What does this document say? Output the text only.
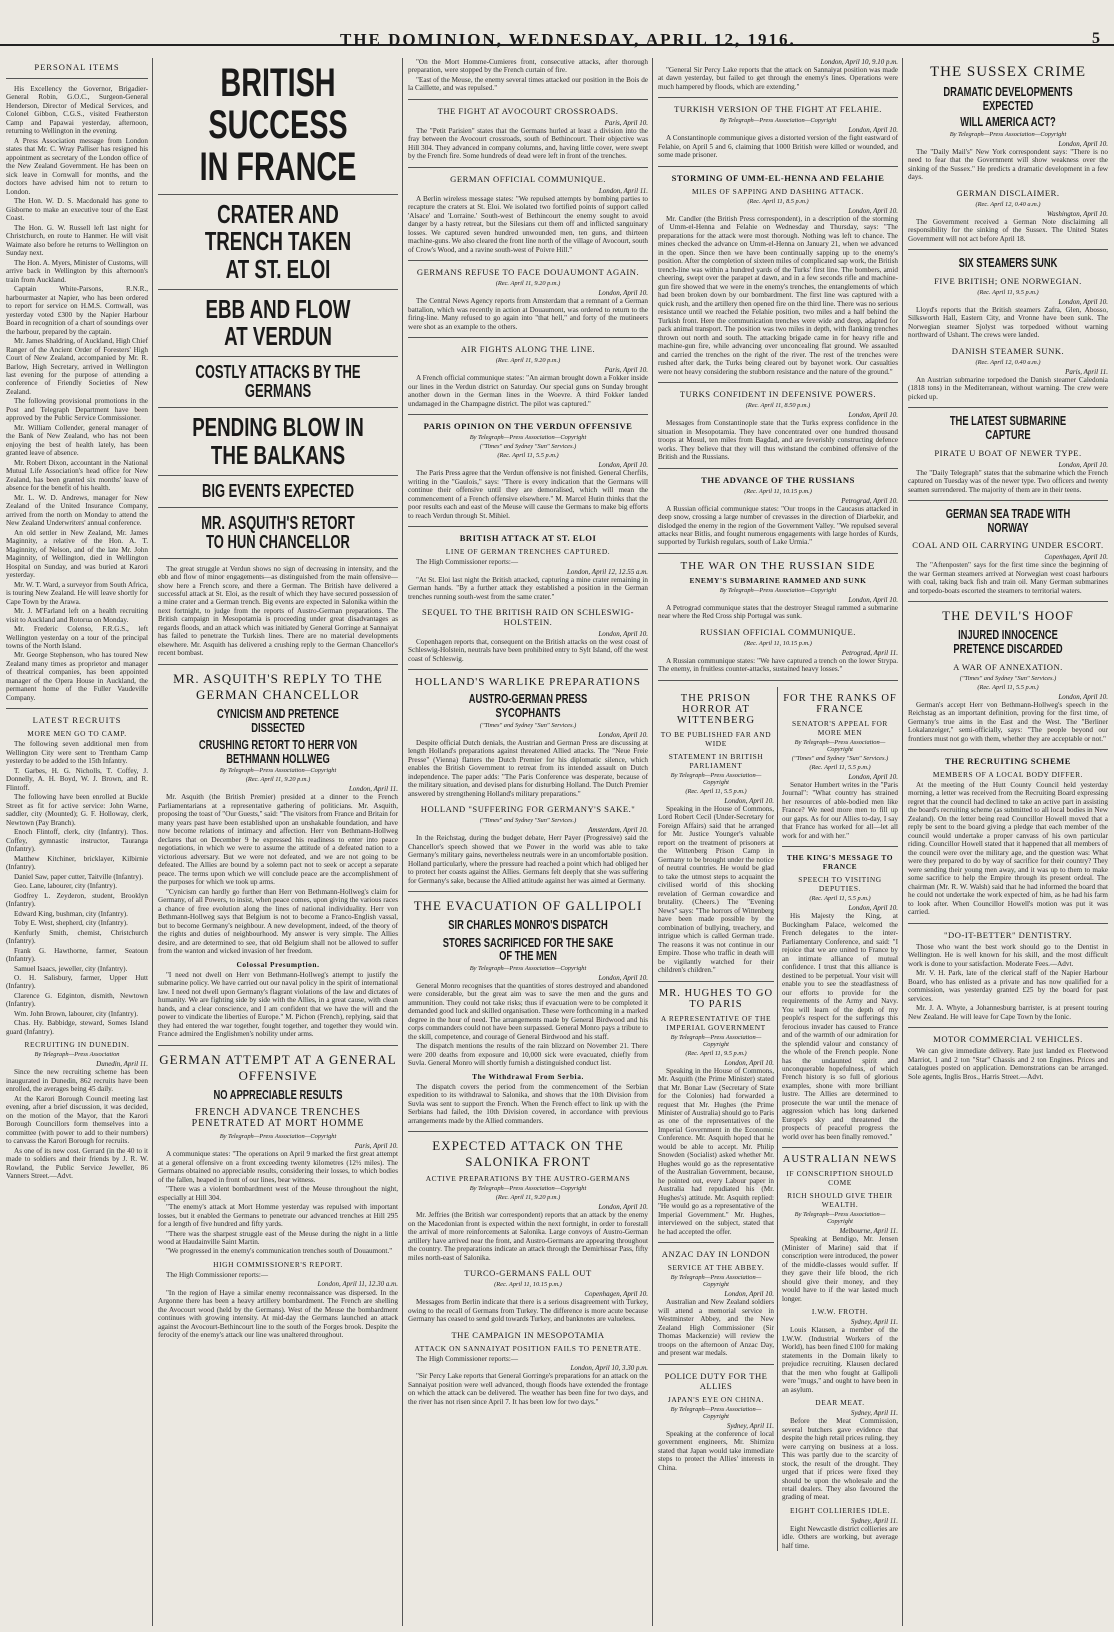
THE DOMINION, WEDNESDAY, APRIL 12, 1916.	5
PERSONAL ITEMS

His Excellency the Governor, Brigadier-General Robin, G.O.C., Surgeon-General Henderson, Director of Medical Services, and Colonel Gibbon, C.G.S., visited Featherston Camp and Papawai yesterday, afternoon, returning to Wellington in the evening.

A Press Association message from London states that Mr. C. Wray Palliser has resigned his appointment as secretary of the London office of the New Zealand Government. He has been on sick leave in Cornwall for months, and the doctors have advised him not to return to London.

The Hon. W. D. S. Macdonald has gone to Gisborne to make an executive tour of the East Coast.

The Hon. G. W. Russell left last night for Christchurch, en route to Hanmer. He will visit Waimate also before he returns to Wellington on Sunday next.

The Hon. A. Myers, Minister of Customs, will arrive back in Wellington by this afternoon's train from Auckland.

Captain White-Parsons, R.N.R., harbourmaster at Napier, who has been ordered to report for service on H.M.S. Cornwall, was yesterday voted £300 by the Napier Harbour Board in recognition of a chart of soundings over the harbour, prepared by the captain.

Mr. James Shaldring, of Auckland, High Chief Ranger of the Ancient Order of Foresters' High Court of New Zealand, accompanied by Mr. R. Barlow, High Secretary, arrived in Wellington last evening for the purpose of attending a conference of Friendly Societies of New Zealand.

The following provisional promotions in the Post and Telegraph Department have been approved by the Public Service Commissioner.

Mr. William Collender, general manager of the Bank of New Zealand, who has not been enjoying the best of health lately, has been granted leave of absence.

Mr. Robert Dixon, accountant in the National Mutual Life Association's head office for New Zealand, has been granted six months' leave of absence for the benefit of his health.

Mr. L. W. D. Andrews, manager for New Zealand of the United Insurance Company, arrived from the north on Monday to attend the New Zealand Underwriters' annual conference.

An old settler in New Zealand, Mr. James Maginnity, a relative of the Hon. A. T. Maginnity, of Nelson, and of the late Mr. John Maginnity, of Wellington, died in Wellington Hospital on Sunday, and was buried at Karori yesterday.

Mr. W. T. Ward, a surveyor from South Africa, is touring New Zealand. He will leave shortly for Cape Town by the Arawa.

Mr. J. M'Farland left on a health recruiting visit to Auckland and Rotorua on Monday.

Mr. Frederic Colenso, F.R.G.S., left Wellington yesterday on a tour of the principal towns of the North Island.

Mr. George Stephenson, who has toured New Zealand many times as proprietor and manager of theatrical companies, has been appointed manager of the Opera House in Auckland, the permanent home of the Fuller Vaudeville Company.

LATEST RECRUITS
MORE MEN GO TO CAMP.

The following seven additional men from Wellington City were sent to Trentham Camp yesterday to be added to the 15th Infantry.

T. Garbes, H. G. Nicholls, T. Coffey, J. Donnelly, A. H. Boyd, W. J. Brown, and R. Flintoff.

The following have been enrolled at Buckle Street as fit for active service: John Warne, saddler, city (Mounted); G. F. Holloway, clerk, Newtown (Pay Branch).

Enoch Flintoff, clerk, city (Infantry). Thos. Coffey, gymnastic instructor, Tauranga (Infantry).

Matthew Kitchiner, bricklayer, Kilbirnie (Infantry).

Daniel Saw, paper cutter, Taitville (Infantry).

Geo. Lane, labourer, city (Infantry).

Godfrey L. Zeyderon, student, Brooklyn (Infantry).

Edward King, bushman, city (Infantry).

Toby E. West, shepherd, city (Infantry).

Kenfurly Smith, chemist, Christchurch (Infantry).

Frank G. Hawthorne, farmer, Seatoun (Infantry).

Samuel Isaacs, jeweller, city (Infantry).

O. H. Salisbury, farmer, Upper Hutt (Infantry).

Clarence G. Edginton, dismith, Newtown (Infantry).

Wm. John Brown, labourer, city (Infantry).

Chas. Hy. Babbidge, steward, Somes Island guard (Infantry).

RECRUITING IN DUNEDIN.
By Telegraph—Press Association
Dunedin, April 11.

Since the new recruiting scheme has been inaugurated in Dunedin, 862 recruits have been enrolled, the averages being 45 daily.

At the Karori Borough Council meeting last evening, after a brief discussion, it was decided, on the motion of the Mayor, that the Karori Borough Councillors form themselves into a committee (with power to add to their numbers) to canvass the Karori Borough for recruits.

As one of its new cost. Gerrard (in the 40 to it made to soldiers and their friends by J. R. W. Rowland, the Public Service Jeweller, 86 Vanners Street.—Advt.

BRITISH SUCCESS IN FRANCE
CRATER AND TRENCH TAKEN AT ST. ELOI
EBB AND FLOW AT VERDUN
COSTLY ATTACKS BY THE GERMANS
PENDING BLOW IN THE BALKANS
BIG EVENTS EXPECTED
MR. ASQUITH'S RETORT TO HUN CHANCELLOR

The great struggle at Verdun shows no sign of decreasing in intensity, and the ebb and flow of minor engagements—as distinguished from the main offensive—show here a French score, and there a German. The British have delivered a successful attack at St. Eloi, as the result of which they have secured possession of a mine crater and a German trench. Big events are expected in Salonika within the next fortnight, to judge from the reports of Austro-German preparations. The British campaign in Mesopotamia is proceeding under great disadvantages as regards floods, and an attack which was initiated by General Gorringe at Sannaiyat has failed to penetrate the Turkish lines. There are no material developments elsewhere. Mr. Asquith has delivered a crushing reply to the German Chancellor's recent bombast.

MR. ASQUITH'S REPLY TO THE GERMAN CHANCELLOR
CYNICISM AND PRETENCE DISSECTED
CRUSHING RETORT TO HERR VON BETHMANN HOLLWEG
By Telegraph—Press Association—Copyright
(Rec. April 11, 9.20 p.m.)
London, April 11.

Mr. Asquith (the British Premier) presided at a dinner to the French Parliamentarians at a representative gathering of politicians. Mr. Asquith, proposing the toast of "Our Guests," said: "The visitors from France and Britain for many years past have been established upon an unshakable foundation, and have now become relations of intimacy and affection. Herr von Bethmann-Hollweg declares that on December 9 he expressed his readiness to enter into peace negotiations, in which we were to assume the attitude of a defeated nation to a victorious adversary. But we were not defeated, and we are not going to be defeated. The Allies are bound by a solemn pact not to seek or accept a separate peace. The terms upon which we will conclude peace are the accomplishment of the purposes for which we took up arms.

"Cynicism can hardly go further than Herr von Bethmann-Hollweg's claim for Germany, of all Powers, to insist, when peace comes, upon giving the various races a chance of free evolution along the lines of national individuality. Herr von Bethmann-Hollweg says that Belgium is not to become a Franco-English vassal, but to become Germany's neighbour. A new development, indeed, of the theory of the rights and duties of neighbourhood. My answer is very simple. The Allies desire, and are determined to see, that old Belgium shall not be allowed to suffer from the wanton and wicked invasion of her freedom.

Colossal Presumption.

"I need not dwell on Herr von Bethmann-Hollweg's attempt to justify the submarine policy. We have carried out our naval policy in the spirit of international law. I need not dwell upon Germany's flagrant violations of the law and dictates of humanity. We are fighting side by side with the Allies, in a great cause, with clean hands, and a clear conscience, and I am confident that we have the will and the power to vindicate the liberties of Europe." M. Pichon (French), replying, said that they had entered the war together, fought together, and together they would win. France admired the Englishmen's nobility under arms.

GERMAN ATTEMPT AT A GENERAL OFFENSIVE
NO APPRECIABLE RESULTS
FRENCH ADVANCE TRENCHES PENETRATED AT MORT HOMME
By Telegraph—Press Association—Copyright
Paris, April 10.

A communique states: "The operations on April 9 marked the first great attempt at a general offensive on a front exceeding twenty kilometres (12½ miles). The Germans obtained no appreciable results, considering their losses, to which bodies of the fallen, heaped in front of our lines, bear witness.

"There was a violent bombardment west of the Meuse throughout the night, especially at Hill 304.

"The enemy's attack at Mort Homme yesterday was repulsed with important losses, but it enabled the Germans to penetrate our advanced trenches at Hill 295 for a length of five hundred and fifty yards.

"There was the sharpest struggle east of the Meuse during the night in a little wood at Haudainville Saint Martin.

"We progressed in the enemy's communication trenches south of Douaumont."

HIGH COMMISSIONER'S REPORT.

The High Commissioner reports:—

London, April 11, 12.30 a.m.

"In the region of Haye a similar enemy reconnaissance was dispersed. In the Argonne there has been a heavy artillery bombardment. The French are shelling the Avocourt wood (held by the Germans). West of the Meuse the bombardment continues with growing intensity. At mid-day the Germans launched an attack against the Avocourt-Bethincourt line to the south of the Forges brook. Despite the ferocity of the enemy's attack our line was unaltered throughout.

"On the Mort Homme-Cumieres front, consecutive attacks, after thorough preparation, were stopped by the French curtain of fire.

"East of the Meuse, the enemy several times attacked our position in the Bois de la Caillette, and was repulsed."

THE FIGHT AT AVOCOURT CROSSROADS.
Paris, April 10.

The "Petit Parisien" states that the Germans hurled at least a division into the fray between the Avocourt crossroads, south of Bethincourt. Their objective was Hill 304. They advanced in company columns, and, having little cover, were swept by the French fire. Some hundreds of dead were left in front of the trenches.

GERMAN OFFICIAL COMMUNIQUE.
London, April 11.

A Berlin wireless message states: "We repulsed attempts by bombing parties to recapture the craters at St. Eloi. We isolated two fortified points of support called 'Alsace' and 'Lorraine.' South-west of Bethincourt the enemy sought to avoid danger by a hasty retreat, but the Silesians cut them off and inflicted sanguinary losses. We captured seven hundred unwounded men, ten guns, and thirteen machine-guns. We also cleared the front line north of the village of Avocourt, south of Crow's Wood, and a ravine south-west of Poivre Hill."

GERMANS REFUSE TO FACE DOUAUMONT AGAIN.
(Rec. April 11, 9.20 p.m.)
London, April 10.

The Central News Agency reports from Amsterdam that a remnant of a German battalion, which was recently in action at Douaumont, was ordered to return to the firing-line. Many refused to go again into "that hell," and forty of the mutineers were shot as an example to the others.

AIR FIGHTS ALONG THE LINE.
(Rec. April 11, 9.20 p.m.)
Paris, April 10.

A French official communique states: "An airman brought down a Fokker inside our lines in the Verdun district on Saturday. Our special guns on Sunday brought another down in the German lines in the Woevre. A third Fokker landed undamaged in the Champagne district. The pilot was captured."

PARIS OPINION ON THE VERDUN OFFENSIVE
By Telegraph—Press Association—Copyright
("Times" and Sydney "Sun" Services.)
(Rec. April 11, 5.5 p.m.)
London, April 10.

The Paris Press agree that the Verdun offensive is not finished. General Cherfils, writing in the "Gaulois," says: "There is every indication that the Germans will continue their offensive until they are demoralised, which will mean the commencement of a French offensive elsewhere." M. Marcel Hutin thinks that the poor results each and east of the Meuse will cause the Germans to make big efforts to reach Verdun through St. Mihiel.

BRITISH ATTACK AT ST. ELOI
LINE OF GERMAN TRENCHES CAPTURED.

The High Commissioner reports:—

London, April 12, 12.55 a.m.

"At St. Eloi last night the British attacked, capturing a mine crater remaining in German hands. "By a further attack they established a position in the German trenches running south-west from the same crater."

SEQUEL TO THE BRITISH RAID ON SCHLESWIG-HOLSTEIN.
London, April 10.

Copenhagen reports that, consequent on the British attacks on the west coast of Schleswig-Holstein, neutrals have been prohibited entry to Sylt Island, off the west coast of Schleswig.

HOLLAND'S WARLIKE PREPARATIONS
AUSTRO-GERMAN PRESS SYCOPHANTS
("Times" and Sydney "Sun" Services.)
London, April 10.

Despite official Dutch denials, the Austrian and German Press are discussing at length Holland's preparations against threatened Allied attacks. The "Neue Freie Presse" (Vienna) flatters the Dutch Premier for his diplomatic silence, which enables the British Government to retreat from its intended assault on Dutch independence. The paper adds: "The Paris Conference was desperate, because of the military situation, and devised plans for disturbing Holland. The Dutch Premier answered by strengthening Holland's military preparations."

HOLLAND "SUFFERING FOR GERMANY'S SAKE."
("Times" and Sydney "Sun" Services.)
Amsterdam, April 10.

In the Reichstag, during the budget debate, Herr Payer (Progressive) said the Chancellor's speech showed that we Power in the world was able to take Germany's military gains, nevertheless neutrals were in an uncomfortable position. Holland particularly, where the pressure had reached a point which had obliged her to protect her coasts against the Allies. Germans felt deeply that she was suffering for Germany's sake, because the Allied attitude against her was aimed at Germany.

THE EVACUATION OF GALLIPOLI
SIR CHARLES MONRO'S DISPATCH
STORES SACRIFICED FOR THE SAKE OF THE MEN
By Telegraph—Press Association—Copyright
London, April 10.

General Monro recognises that the quantities of stores destroyed and abandoned were considerable, but the great aim was to save the men and the guns and ammunition. They could not take risks; thus if evacuation were to be completed it demanded good luck and skilled organisation. These were forthcoming in a marked degree in the hour of need. The arrangements made by General Birdwood and his corps commanders could not have been surpassed. General Monro pays a tribute to the skill, competence, and courage of General Birdwood and his staff.

The dispatch mentions the results of the rain blizzard on November 21. There were 200 deaths from exposure and 10,000 sick were evacuated, chiefly from Suvla. General Monro will shortly furnish a distinguished conduct list.

The Withdrawal From Serbia.

The dispatch covers the period from the commencement of the Serbian expedition to its withdrawal to Salonika, and shows that the 10th Division from Suvla was sent to support the French. When the French effect to link up with the Serbians had failed, the 10th Division covered, in accordance with previous arrangements made by the Allied commanders.

EXPECTED ATTACK ON THE SALONIKA FRONT
ACTIVE PREPARATIONS BY THE AUSTRO-GERMANS
By Telegraph—Press Association—Copyright
(Rec. April 11, 9.20 p.m.)
London, April 10.

Mr. Jeffries (the British war correspondent) reports that an attack by the enemy on the Macedonian front is expected within the next fortnight, in order to forestall the arrival of more reinforcements at Salonika. Large convoys of Austro-German artillery have arrived near the front, and Austro-Germans are appearing throughout the country. The preparations indicate an attack through the Demirhissar Pass, fifty miles north-east of Salonika.

TURCO-GERMANS FALL OUT
(Rec. April 11, 10.15 p.m.)
Copenhagen, April 10.

Messages from Berlin indicate that there is a serious disagreement with Turkey, owing to the recall of Germans from Turkey. The difference is more acute because Germany has ceased to send gold towards Turkey, and banknotes are valueless.

THE CAMPAIGN IN MESOPOTAMIA
ATTACK ON SANNAIYAT POSITION FAILS TO PENETRATE.

The High Commissioner reports:—

London, April 10, 3.30 p.m.

"Sir Percy Lake reports that General Gorringe's preparations for an attack on the Sannaiyat position were well advanced, though floods have extended the frontage on which the attack can be delivered. The weather has been fine for two days, and the river has not risen since April 7. It has been low for two days."

London, April 10, 9.10 p.m.

"General Sir Percy Lake reports that the attack on Sannaiyat position was made at dawn yesterday, but failed to get through the enemy's lines. Operations were much hampered by floods, which are extending."

TURKISH VERSION OF THE FIGHT AT FELAHIE.
By Telegraph—Press Association—Copyright
London, April 10.

A Constantinople communique gives a distorted version of the fight eastward of Felahie, on April 5 and 6, claiming that 1000 British were killed or wounded, and some made prisoner.

STORMING OF UMM-EL-HENNA AND FELAHIE
MILES OF SAPPING AND DASHING ATTACK.
(Rec. April 11, 8.5 p.m.)
London, April 10.

Mr. Candler (the British Press correspondent), in a description of the storming of Umm-el-Henna and Felahie on Wednesday and Thursday, says: "The preparations for the attack were most thorough. Nothing was left to chance. The mines checked the advance on Umm-el-Henna on January 21, when we advanced in the open. Since then we have been continually sapping up to the enemy's position. After the completion of sixteen miles of complicated sap work, the British trench-line was within a hundred yards of the Turks' first line. The bombers, amid cheering, swept over the parapet at dawn, and in a few seconds rifle and machine-gun fire showed that we were in the enemy's trenches, the entanglements of which had been broken down by our bombardment. The first line was captured with a quick rush, and the artillery then opened fire on the third line. There was no serious resistance until we reached the Felahie position, two miles and a half behind the Turkish front. Here the communication trenches were wide and deep, adapted for pack animal transport. The position was two miles in depth, with flanking trenches thrown out north and south. The attacking brigade came in for heavy rifle and machine-gun fire, while advancing over unconcealing flat ground. We assaulted and carried the trenches on the right of the river. The rest of the trenches were rushed after dark, the Turks being cleared out by bayonet work. Our casualties were not heavy considering the stubborn resistance and the nature of the ground."

TURKS CONFIDENT IN DEFENSIVE POWERS.
(Rec. April 11, 8.50 p.m.)
London, April 10.

Messages from Constantinople state that the Turks express confidence in the situation in Mesopotamia. They have concentrated over one hundred thousand troops at Mosul, ten miles from Bagdad, and are feverishly constructing defence works. They believe that they will thus withstand the combined offensive of the British and the Russians.

THE ADVANCE OF THE RUSSIANS
(Rec. April 11, 10.15 p.m.)
Petrograd, April 10.

A Russian official communique states: "Our troops in the Caucasus attacked in deep snow, crossing a large number of crevasses in the direction of Diarbekir, and dislodged the enemy in the region of the Government Valley. "We repulsed several attacks near Bitlis, and fought numerous engagements with large hordes of Kurds, supported by Turkish regulars, south of Lake Urmia."

THE WAR ON THE RUSSIAN SIDE
ENEMY'S SUBMARINE RAMMED AND SUNK
By Telegraph—Press Association—Copyright
London, April 10.

A Petrograd communique states that the destroyer Steagul rammed a submarine near where the Red Cross ship Portugal was sunk.

RUSSIAN OFFICIAL COMMUNIQUE.
(Rec. April 11, 10.15 p.m.)
Petrograd, April 11.

A Russian communique states: "We have captured a trench on the lower Strypa. The enemy, in fruitless counter-attacks, sustained heavy losses."

THE PRISON HORROR AT WITTENBERG
TO BE PUBLISHED FAR AND WIDE
STATEMENT IN BRITISH PARLIAMENT
By Telegraph—Press Association—Copyright
(Rec. April 11, 5.5 p.m.)
London, April 10.

Speaking in the House of Commons, Lord Robert Cecil (Under-Secretary for Foreign Affairs) said that he arranged for Mr. Justice Younger's valuable report on the treatment of prisoners at the Wittenberg Prison Camp in Germany to be brought under the notice of neutral countries. He would be glad to take the utmost steps to acquaint the civilised world of this shocking revelation of German cowardice and brutality. (Cheers.) The "Evening News" says: "The horrors of Wittenberg have been made possible by the combination of bullying, treachery, and intrigue which is called German trade. The reasons it was not continue in our Empire. Those who traffic in death will be vigilantly watched for their children's children."

MR. HUGHES TO GO TO PARIS
A REPRESENTATIVE OF THE IMPERIAL GOVERNMENT
By Telegraph—Press Association—Copyright
(Rec. April 11, 9.5 p.m.)
London, April 10.

Speaking in the House of Commons, Mr. Asquith (the Prime Minister) stated that Mr. Bonar Law (Secretary of State for the Colonies) had forwarded a request that Mr. Hughes (the Prime Minister of Australia) should go to Paris as one of the representatives of the Imperial Government in the Economic Conference. Mr. Asquith hoped that he would be able to accept. Mr. Philip Snowden (Socialist) asked whether Mr. Hughes would go as the representative of the Australian Government, because, he pointed out, every Labour paper in Australia had repudiated his (Mr. Hughes's) attitude. Mr. Asquith replied: "He would go as a representative of the Imperial Government." Mr. Hughes, interviewed on the subject, stated that he had accepted the offer.

ANZAC DAY IN LONDON
SERVICE AT THE ABBEY.
By Telegraph—Press Association—Copyright
London, April 10.

Australian and New Zealand soldiers will attend a memorial service in Westminster Abbey, and the New Zealand High Commissioner (Sir Thomas Mackenzie) will review the troops on the afternoon of Anzac Day, and present war medals.

POLICE DUTY FOR THE ALLIES
JAPAN'S EYE ON CHINA.
By Telegraph—Press Association—Copyright
Sydney, April 11.

Speaking at the conference of local government engineers, Mr. Shimizu stated that Japan would take immediate steps to protect the Allies' interests in China.

FOR THE RANKS OF FRANCE
SENATOR'S APPEAL FOR MORE MEN
By Telegraph—Press Association—Copyright
("Times" and Sydney "Sun" Services.)
(Rec. April 11, 5.5 p.m.)
London, April 10.

Senator Humbert writes in the "Paris Journal": "What country has strained her resources of able-bodied men like France? We need more men to fill up our gaps. As for our Allies to-day, I say that France has worked for all—let all work for and with her."

THE KING'S MESSAGE TO FRANCE
SPEECH TO VISITING DEPUTIES.
(Rec. April 11, 5.5 p.m.)
London, April 10.

His Majesty the King, at Buckingham Palace, welcomed the French delegates to the inter-Parliamentary Conference, and said: "I rejoice that we are united to France by an intimate alliance of mutual confidence. I trust that this alliance is destined to be perpetual. Your visit will enable you to see the steadfastness of our efforts to provide for the requirements of the Army and Navy. You will learn of the depth of my people's respect for the sufferings this ferocious invader has caused to France and of the warmth of our admiration for the splendid valour and constancy of the whole of the French people. None has the undaunted spirit and unconquerable hopefulness, of which French history is so full of glorious examples, shone with more brilliant lustre. The Allies are determined to prosecute the war until the menace of aggression which has long darkened Europe's sky and threatened the prospects of peaceful progress the world over has been finally removed."

AUSTRALIAN NEWS
IF CONSCRIPTION SHOULD COME
RICH SHOULD GIVE THEIR WEALTH.
By Telegraph—Press Association—Copyright
Melbourne, April 11.

Speaking at Bendigo, Mr. Jensen (Minister of Marine) said that if conscription were introduced, the power of the middle-classes would suffer. If they gave their life blood, the rich should give their money, and they would have to if the war lasted much longer.

I.W.W. FROTH.
Sydney, April 11.

Louis Klausen, a member of the I.W.W. (Industrial Workers of the World), has been fined £100 for making statements in the Domain likely to prejudice recruiting. Klausen declared that the men who fought at Gallipoli were "mugs," and ought to have been in an asylum.

DEAR MEAT.
Sydney, April 11.

Before the Meat Commission, several butchers gave evidence that despite the high retail prices ruling, they were carrying on business at a loss. This was partly due to the scarcity of stock, the result of the drought. They urged that if prices were fixed they should be upon the wholesale and the retail dealers. They also favoured the grading of meat.

EIGHT COLLIERIES IDLE.
Sydney, April 11.

Eight Newcastle district collieries are idle. Others are working, but average half time.

THE SUSSEX CRIME
DRAMATIC DEVELOPMENTS EXPECTED
WILL AMERICA ACT?
By Telegraph—Press Association—Copyright
London, April 10.

The "Daily Mail's" New York correspondent says: "There is no need to fear that the Government will show weakness over the sinking of the Sussex." He predicts a dramatic development in a few days.

GERMAN DISCLAIMER.
(Rec. April 12, 0.40 a.m.)
Washington, April 10.

The Government received a German Note disclaiming all responsibility for the sinking of the Sussex. The United States Government will not act before April 18.

SIX STEAMERS SUNK
FIVE BRITISH; ONE NORWEGIAN.
(Rec. April 11, 9.5 p.m.)
London, April 10.

Lloyd's reports that the British steamers Zafra, Glen, Abosso, Silksworth Hall, Eastern City, and Vronne have been sunk. The Norwegian steamer Sjolyst was torpedoed without warning northward of Ushant. The crews were landed.

DANISH STEAMER SUNK.
(Rec. April 12, 0.40 a.m.)
Paris, April 11.

An Austrian submarine torpedoed the Danish steamer Caledonia (1818 tons) in the Mediterranean, without warning. The crew were picked up.

THE LATEST SUBMARINE CAPTURE
PIRATE U BOAT OF NEWER TYPE.
London, April 10.

The "Daily Telegraph" states that the submarine which the French captured on Tuesday was of the newer type. Two officers and twenty seamen surrendered. The majority of them are in their teens.

GERMAN SEA TRADE WITH NORWAY
COAL AND OIL CARRYING UNDER ESCORT.
Copenhagen, April 10.

The "Aftenposten" says for the first time since the beginning of the war German steamers arrived at Norwegian west coast harbours with coal, taking back fish and train oil. Many German submarines and torpedo-boats escorted the steamers to territorial waters.

THE DEVIL'S HOOF
INJURED INNOCENCE PRETENCE DISCARDED
A WAR OF ANNEXATION.
("Times" and Sydney "Sun" Services.)
(Rec. April 11, 5.5 p.m.)
London, April 10.

German's accept Herr von Bethmann-Hollweg's speech in the Reichstag as an important definition, proving for the first time, of Germany's true aims in the East and the West. The "Berliner Lokalanzeiger," semi-officially, says: "The people beyond our frontiers must not go with them, whether they are acceptable or not."

THE RECRUITING SCHEME
MEMBERS OF A LOCAL BODY DIFFER.

At the meeting of the Hutt County Council held yesterday morning, a letter was received from the Recruiting Board expressing regret that the council had declined to take an active part in assisting the board's recruiting scheme (as submitted to all local bodies in New Zealand). On the letter being read Councillor Howell moved that a reply be sent to the board giving a pledge that each member of the council would undertake a proper canvass of his own particular riding. Councillor Howell stated that it happened that all members of the council were over the military age, and the question was: What were they prepared to do by way of sacrifice for their country? They were sending their young men away, and it was up to them to make some sacrifice to help the Empire through its present ordeal. The chairman (Mr. R. W. Walsh) said that he had informed the board that he could not undertake the work expected of him, as he had his farm to look after. When Councillor Howell's motion was put it was carried.

"DO-IT-BETTER" DENTISTRY.

Those who want the best work should go to the Dentist in Wellington. He is well known for his skill, and the most difficult work is done to your satisfaction. Moderate Fees.—Advt.

Mr. V. H. Park, late of the clerical staff of the Napier Harbour Board, who has enlisted as a private and has now qualified for a commission, was yesterday granted £25 by the board for past services.

Mr. J. A. Whyte, a Johannesburg barrister, is at present touring New Zealand. He will leave for Cape Town by the Ionic.

MOTOR COMMERCIAL VEHICLES.

We can give immediate delivery. Rate just landed ex Fleetwood Marriot, 1 and 2 ton "Star" Chassis and 2 ton Engines. Prices and catalogues posted on application. Demonstrations can be arranged. Sole agents, Inglis Bros., Harris Street.—Advt.
